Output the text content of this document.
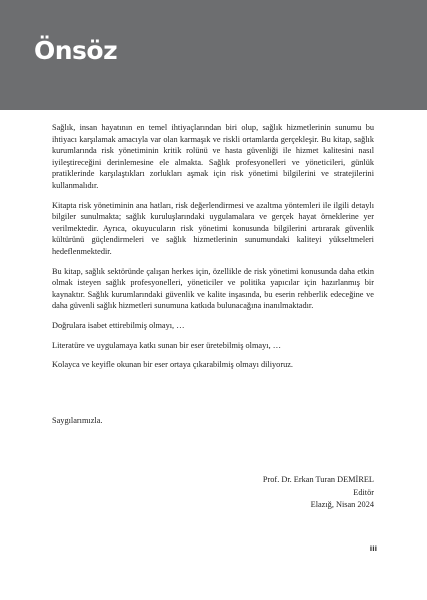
Önsöz

Sağlık, insan hayatının en temel ihtiyaçlarından biri olup, sağlık hizmetlerinin sunumu bu ihtiyacı karşılamak amacıyla var olan karmaşık ve riskli ortamlarda gerçekleşir. Bu kitap, sağlık kurumlarında risk yönetiminin kritik rolünü ve hasta güvenliği ile hizmet kalitesini nasıl iyileştireceğini derinlemesine ele almakta. Sağlık profesyonelleri ve yöneticileri, günlük pratiklerinde karşılaştıkları zorlukları aşmak için risk yönetimi bilgilerini ve stratejilerini kullanmalıdır.

Kitapta risk yönetiminin ana hatları, risk değerlendirmesi ve azaltma yöntemleri ile ilgili detaylı bilgiler sunulmakta; sağlık kuruluşlarındaki uygulamalara ve gerçek hayat örneklerine yer verilmektedir. Ayrıca, okuyucuların risk yönetimi konusunda bilgilerini artırarak güvenlik kültürünü güçlendirmeleri ve sağlık hizmetlerinin sunumundaki kaliteyi yükseltmeleri hedeflenmektedir.

Bu kitap, sağlık sektöründe çalışan herkes için, özellikle de risk yönetimi konusunda daha etkin olmak isteyen sağlık profesyonelleri, yöneticiler ve politika yapıcılar için hazırlanmış bir kaynaktır. Sağlık kurumlarındaki güvenlik ve kalite inşasında, bu eserin rehberlik edeceğine ve daha güvenli sağlık hizmetleri sunumuna katkıda bulunacağına inanılmaktadır.

Doğrulara isabet ettirebilmiş olmayı, …

Literatüre ve uygulamaya katkı sunan bir eser üretebilmiş olmayı, …

Kolayca ve keyifle okunan bir eser ortaya çıkarabilmiş olmayı diliyoruz.

Saygılarımızla.

Prof. Dr. Erkan Turan DEMİREL
Editör
Elazığ, Nisan 2024
iii
